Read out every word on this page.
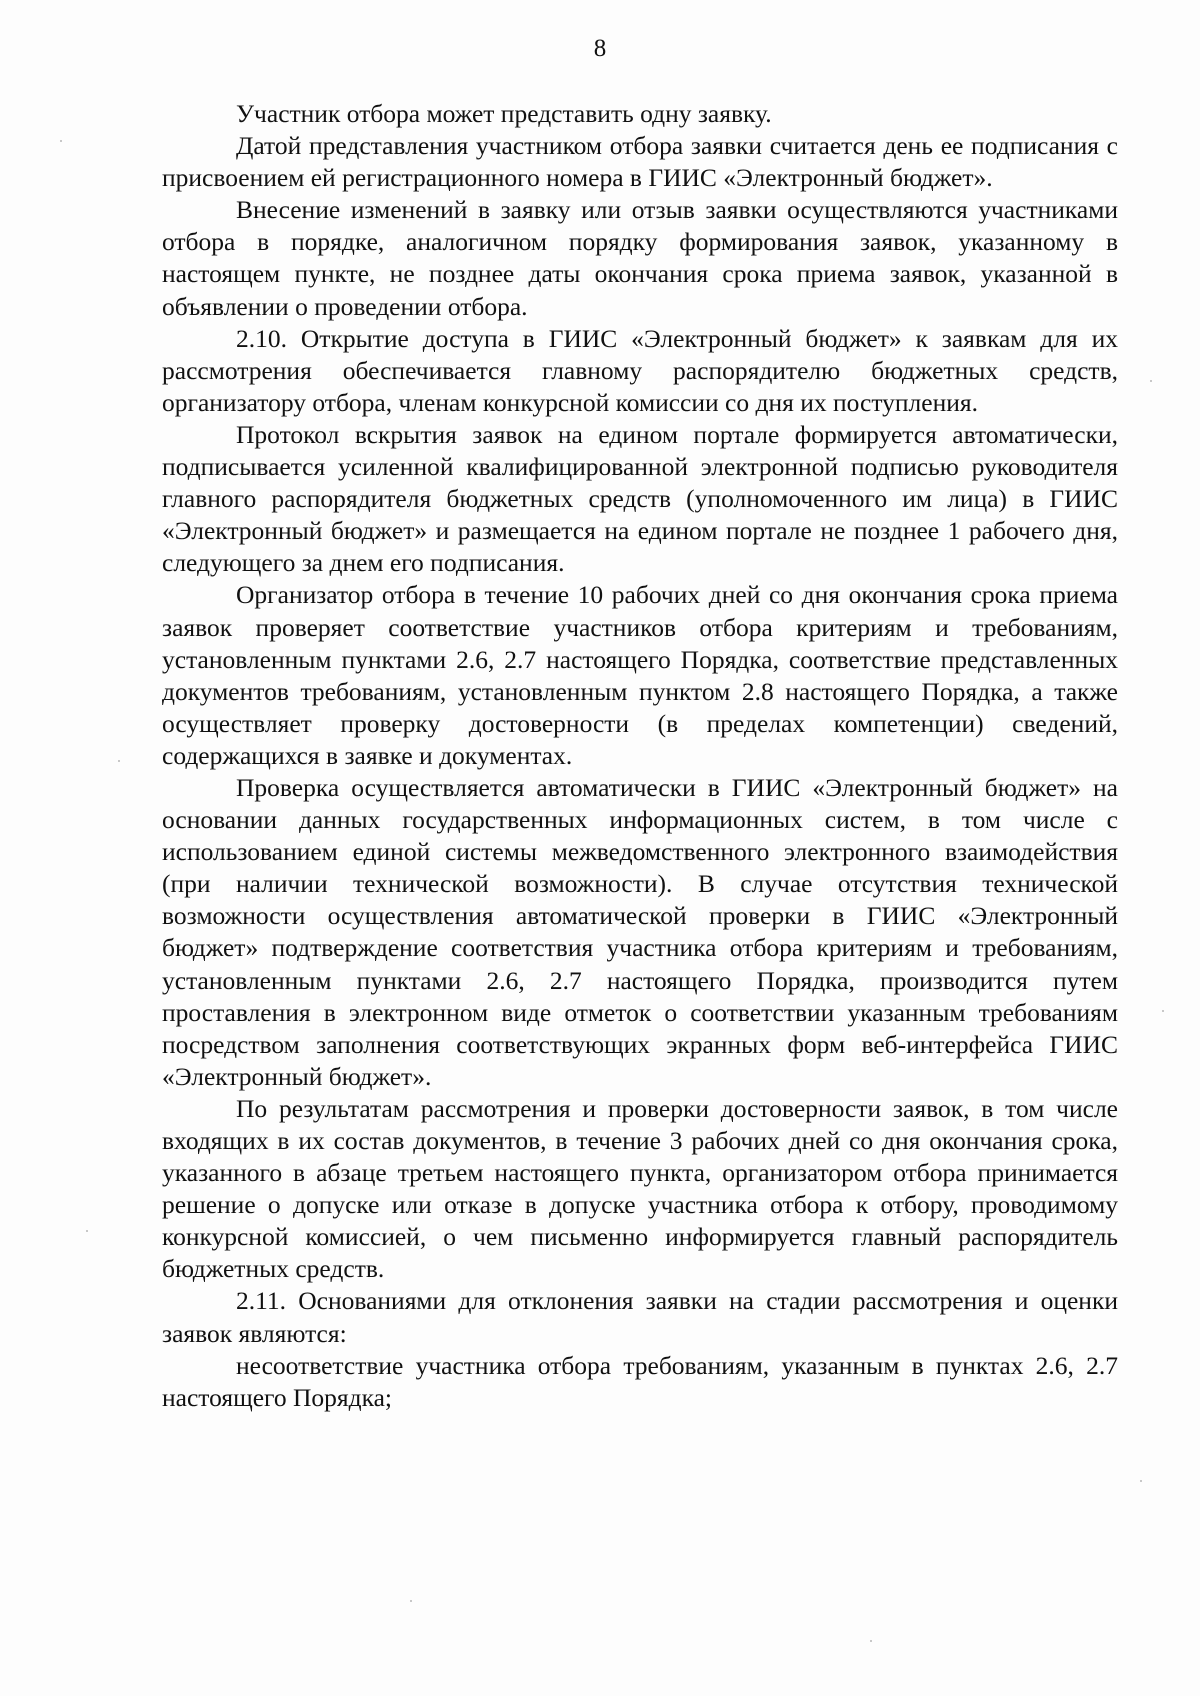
8

Участник отбора может представить одну заявку.

Датой представления участником отбора заявки считается день ее подписания с присвоением ей регистрационного номера в ГИИС «Электронный бюджет».

Внесение изменений в заявку или отзыв заявки осуществляются участниками отбора в порядке, аналогичном порядку формирования заявок, указанному в настоящем пункте, не позднее даты окончания срока приема заявок, указанной в объявлении о проведении отбора.

2.10. Открытие доступа в ГИИС «Электронный бюджет» к заявкам для их рассмотрения обеспечивается главному распорядителю бюджетных средств, организатору отбора, членам конкурсной комиссии со дня их поступления.

Протокол вскрытия заявок на едином портале формируется автоматически, подписывается усиленной квалифицированной электронной подписью руководителя главного распорядителя бюджетных средств (уполномоченного им лица) в ГИИС «Электронный бюджет» и размещается на едином портале не позднее 1 рабочего дня, следующего за днем его подписания.

Организатор отбора в течение 10 рабочих дней со дня окончания срока приема заявок проверяет соответствие участников отбора критериям и требованиям, установленным пунктами 2.6, 2.7 настоящего Порядка, соответствие представленных документов требованиям, установленным пунктом 2.8 настоящего Порядка, а также осуществляет проверку достоверности (в пределах компетенции) сведений, содержащихся в заявке и документах.

Проверка осуществляется автоматически в ГИИС «Электронный бюджет» на основании данных государственных информационных систем, в том числе с использованием единой системы межведомственного электронного взаимодействия (при наличии технической возможности). В случае отсутствия технической возможности осуществления автоматической проверки в ГИИС «Электронный бюджет» подтверждение соответствия участника отбора критериям и требованиям, установленным пунктами 2.6, 2.7 настоящего Порядка, производится путем проставления в электронном виде отметок о соответствии указанным требованиям посредством заполнения соответствующих экранных форм веб-интерфейса ГИИС «Электронный бюджет».

По результатам рассмотрения и проверки достоверности заявок, в том числе входящих в их состав документов, в течение 3 рабочих дней со дня окончания срока, указанного в абзаце третьем настоящего пункта, организатором отбора принимается решение о допуске или отказе в допуске участника отбора к отбору, проводимому конкурсной комиссией, о чем письменно информируется главный распорядитель бюджетных средств.

2.11. Основаниями для отклонения заявки на стадии рассмотрения и оценки заявок являются:

несоответствие участника отбора требованиям, указанным в пунктах 2.6, 2.7 настоящего Порядка;
